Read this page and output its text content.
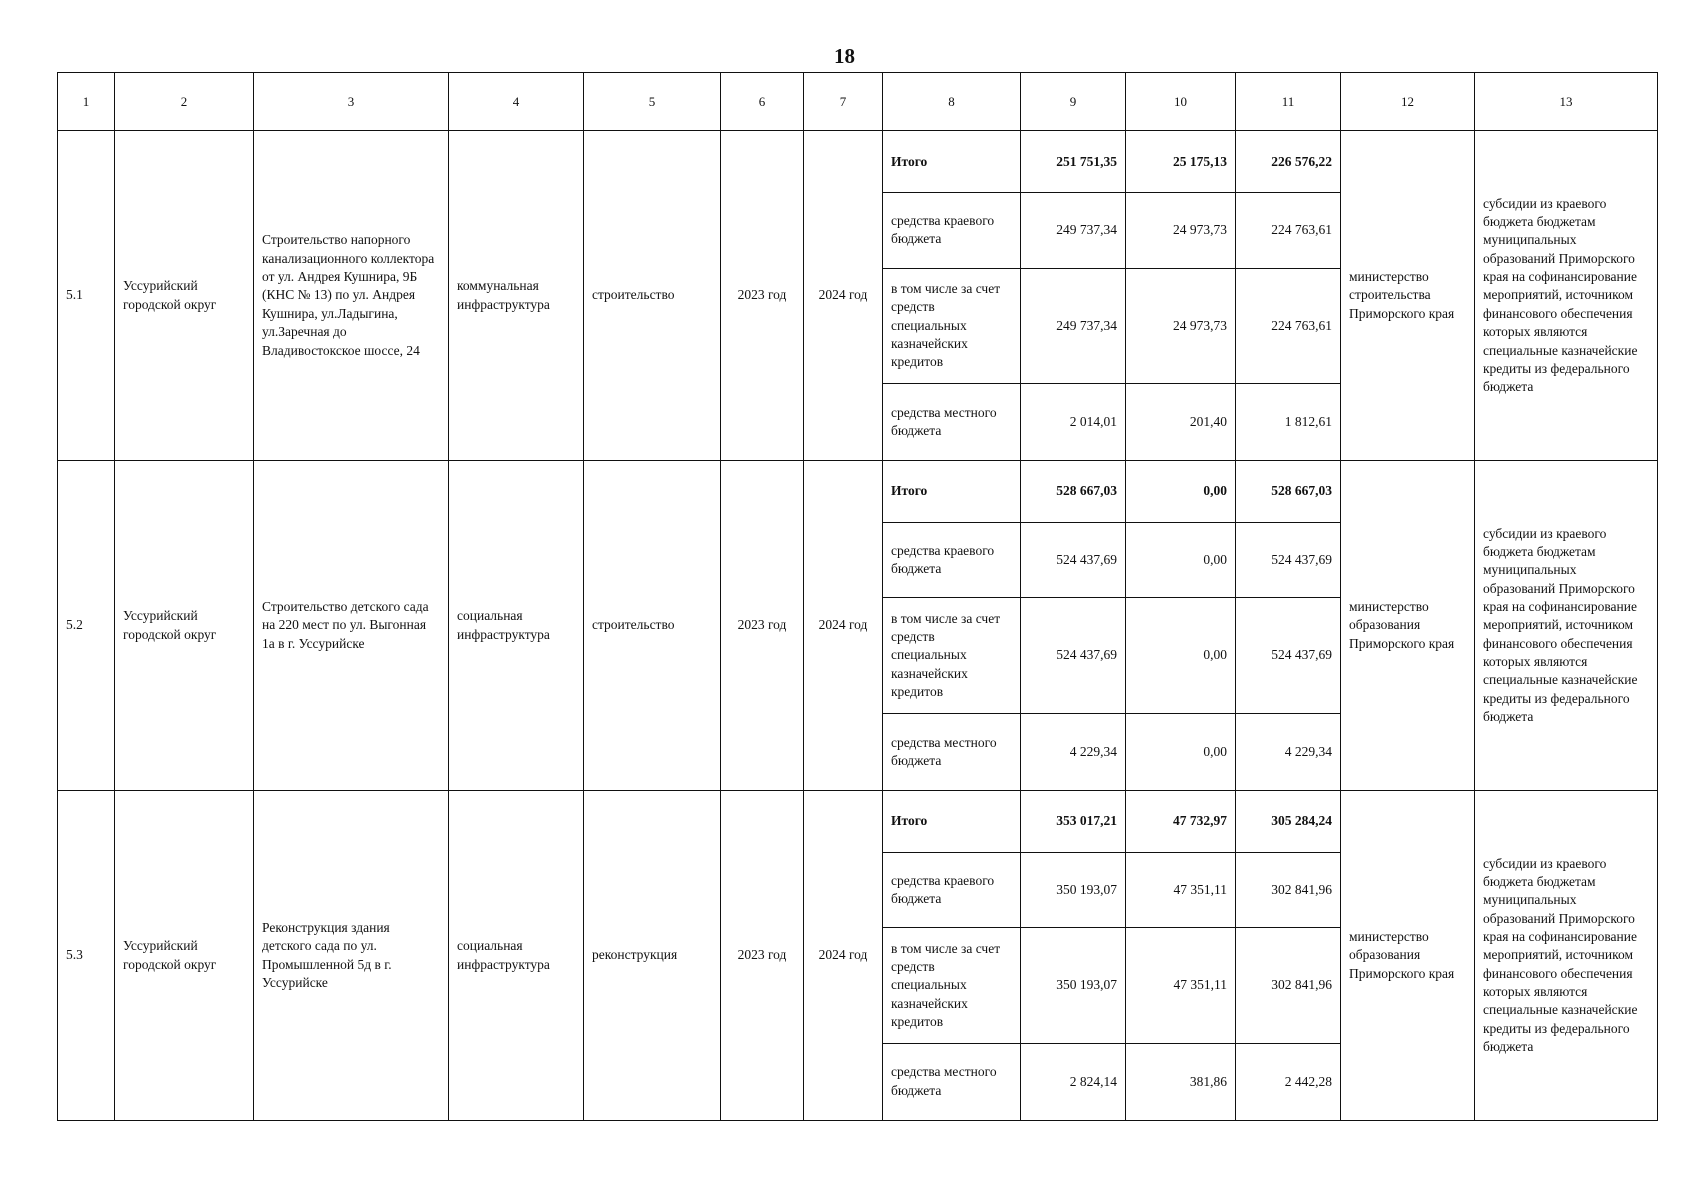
18
1	2	3	4	5	6	7	8	9	10	11	12	13
5.1	Уссурийский городской округ	Строительство напорного канализационного коллектора от ул. Андрея Кушнира, 9Б (КНС № 13) по ул. Андрея Кушнира, ул.Ладыгина, ул.Заречная до Владивостокское шоссе, 24	коммунальная инфраструктура	строительство	2023 год	2024 год	Итого	251 751,35	25 175,13	226 576,22	министерство строительства Приморского края	субсидии из краевого бюджета бюджетам муниципальных образований Приморского края на софинансирование мероприятий, источником финансового обеспечения которых являются специальные казначейские кредиты из федерального бюджета
							средства краевого бюджета	249 737,34	24 973,73	224 763,61		
							в том числе за счет средств специальных казначейских кредитов	249 737,34	24 973,73	224 763,61		
							средства местного бюджета	2 014,01	201,40	1 812,61		
5.2	Уссурийский городской округ	Строительство детского сада на 220 мест по ул. Выгонная 1а в г. Уссурийске	социальная инфраструктура	строительство	2023 год	2024 год	Итого	528 667,03	0,00	528 667,03	министерство образования Приморского края	субсидии из краевого бюджета бюджетам муниципальных образований Приморского края на софинансирование мероприятий, источником финансового обеспечения которых являются специальные казначейские кредиты из федерального бюджета
							средства краевого бюджета	524 437,69	0,00	524 437,69		
							в том числе за счет средств специальных казначейских кредитов	524 437,69	0,00	524 437,69		
							средства местного бюджета	4 229,34	0,00	4 229,34		
5.3	Уссурийский городской округ	Реконструкция здания детского сада по ул. Промышленной 5д в г. Уссурийске	социальная инфраструктура	реконструкция	2023 год	2024 год	Итого	353 017,21	47 732,97	305 284,24	министерство образования Приморского края	субсидии из краевого бюджета бюджетам муниципальных образований Приморского края на софинансирование мероприятий, источником финансового обеспечения которых являются специальные казначейские кредиты из федерального бюджета
							средства краевого бюджета	350 193,07	47 351,11	302 841,96		
							в том числе за счет средств специальных казначейских кредитов	350 193,07	47 351,11	302 841,96		
							средства местного бюджета	2 824,14	381,86	2 442,28		
